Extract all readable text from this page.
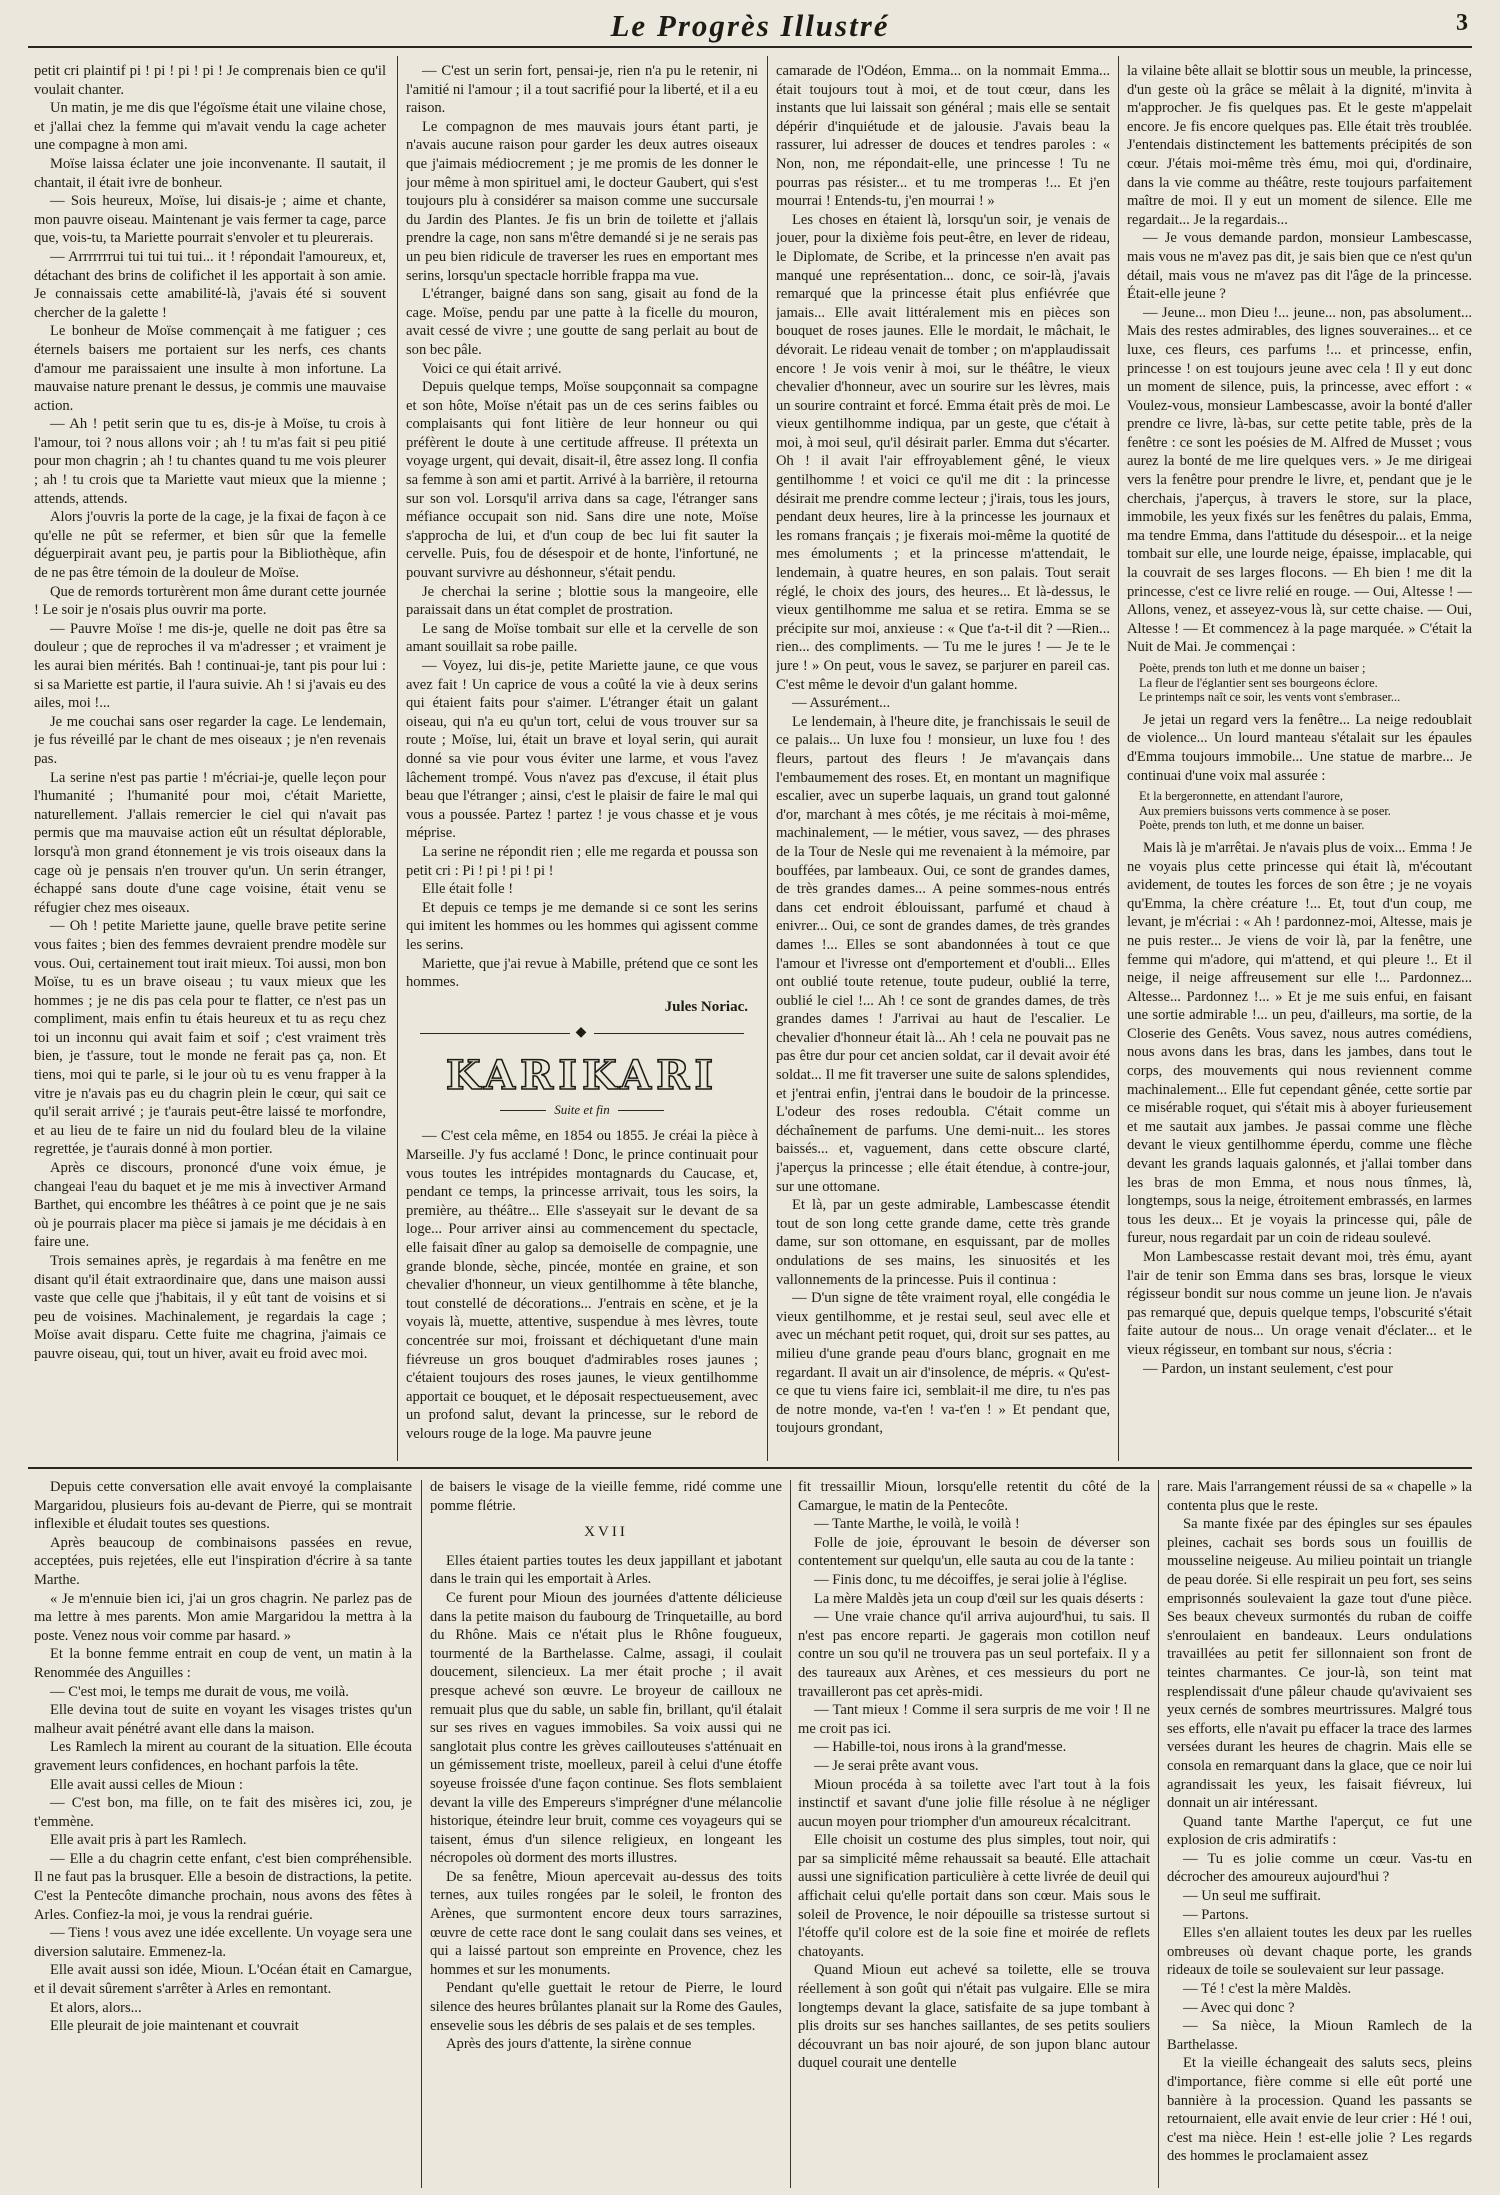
Le Progrès Illustré	3

petit cri plaintif pi ! pi ! pi ! pi ! Je comprenais bien ce qu'il voulait chanter.

Un matin, je me dis que l'égoïsme était une vilaine chose, et j'allai chez la femme qui m'avait vendu la cage acheter une compagne à mon ami.

Moïse laissa éclater une joie inconvenante. Il sautait, il chantait, il était ivre de bonheur.

— Sois heureux, Moïse, lui disais-je ; aime et chante, mon pauvre oiseau. Maintenant je vais fermer ta cage, parce que, vois-tu, ta Mariette pourrait s'envoler et tu pleurerais.

— Arrrrrrrui tui tui tui tui... it ! répondait l'amoureux, et, détachant des brins de colifichet il les apportait à son amie. Je connaissais cette amabilité-là, j'avais été si souvent chercher de la galette !

Le bonheur de Moïse commençait à me fatiguer ; ces éternels baisers me portaient sur les nerfs, ces chants d'amour me paraissaient une insulte à mon infortune. La mauvaise nature prenant le dessus, je commis une mauvaise action.

— Ah ! petit serin que tu es, dis-je à Moïse, tu crois à l'amour, toi ? nous allons voir ; ah ! tu m'as fait si peu pitié pour mon chagrin ; ah ! tu chantes quand tu me vois pleurer ; ah ! tu crois que ta Mariette vaut mieux que la mienne ; attends, attends.

Alors j'ouvris la porte de la cage, je la fixai de façon à ce qu'elle ne pût se refermer, et bien sûr que la femelle déguerpirait avant peu, je partis pour la Bibliothèque, afin de ne pas être témoin de la douleur de Moïse.

Que de remords torturèrent mon âme durant cette journée ! Le soir je n'osais plus ouvrir ma porte.

— Pauvre Moïse ! me dis-je, quelle ne doit pas être sa douleur ; que de reproches il va m'adresser ; et vraiment je les aurai bien mérités. Bah ! continuai-je, tant pis pour lui : si sa Mariette est partie, il l'aura suivie. Ah ! si j'avais eu des ailes, moi !...

Je me couchai sans oser regarder la cage. Le lendemain, je fus réveillé par le chant de mes oiseaux ; je n'en revenais pas.

La serine n'est pas partie ! m'écriai-je, quelle leçon pour l'humanité ; l'humanité pour moi, c'était Mariette, naturellement. J'allais remercier le ciel qui n'avait pas permis que ma mauvaise action eût un résultat déplorable, lorsqu'à mon grand étonnement je vis trois oiseaux dans la cage où je pensais n'en trouver qu'un. Un serin étranger, échappé sans doute d'une cage voisine, était venu se réfugier chez mes oiseaux.

— Oh ! petite Mariette jaune, quelle brave petite serine vous faites ; bien des femmes devraient prendre modèle sur vous. Oui, certainement tout irait mieux. Toi aussi, mon bon Moïse, tu es un brave oiseau ; tu vaux mieux que les hommes ; je ne dis pas cela pour te flatter, ce n'est pas un compliment, mais enfin tu étais heureux et tu as reçu chez toi un inconnu qui avait faim et soif ; c'est vraiment très bien, je t'assure, tout le monde ne ferait pas ça, non. Et tiens, moi qui te parle, si le jour où tu es venu frapper à la vitre je n'avais pas eu du chagrin plein le cœur, qui sait ce qu'il serait arrivé ; je t'aurais peut-être laissé te morfondre, et au lieu de te faire un nid du foulard bleu de la vilaine regrettée, je t'aurais donné à mon portier.

Après ce discours, prononcé d'une voix émue, je changeai l'eau du baquet et je me mis à invectiver Armand Barthet, qui encombre les théâtres à ce point que je ne sais où je pourrais placer ma pièce si jamais je me décidais à en faire une.

Trois semaines après, je regardais à ma fenêtre en me disant qu'il était extraordinaire que, dans une maison aussi vaste que celle que j'habitais, il y eût tant de voisins et si peu de voisines. Machinalement, je regardais la cage ; Moïse avait disparu. Cette fuite me chagrina, j'aimais ce pauvre oiseau, qui, tout un hiver, avait eu froid avec moi.

— C'est un serin fort, pensai-je, rien n'a pu le retenir, ni l'amitié ni l'amour ; il a tout sacrifié pour la liberté, et il a eu raison.

Le compagnon de mes mauvais jours étant parti, je n'avais aucune raison pour garder les deux autres oiseaux que j'aimais médiocrement ; je me promis de les donner le jour même à mon spirituel ami, le docteur Gaubert, qui s'est toujours plu à considérer sa maison comme une succursale du Jardin des Plantes. Je fis un brin de toilette et j'allais prendre la cage, non sans m'être demandé si je ne serais pas un peu bien ridicule de traverser les rues en emportant mes serins, lorsqu'un spectacle horrible frappa ma vue.

L'étranger, baigné dans son sang, gisait au fond de la cage. Moïse, pendu par une patte à la ficelle du mouron, avait cessé de vivre ; une goutte de sang perlait au bout de son bec pâle.

Voici ce qui était arrivé.

Depuis quelque temps, Moïse soupçonnait sa compagne et son hôte, Moïse n'était pas un de ces serins faibles ou complaisants qui font litière de leur honneur ou qui préfèrent le doute à une certitude affreuse. Il prétexta un voyage urgent, qui devait, disait-il, être assez long. Il confia sa femme à son ami et partit. Arrivé à la barrière, il retourna sur son vol. Lorsqu'il arriva dans sa cage, l'étranger sans méfiance occupait son nid. Sans dire une note, Moïse s'approcha de lui, et d'un coup de bec lui fit sauter la cervelle. Puis, fou de désespoir et de honte, l'infortuné, ne pouvant survivre au déshonneur, s'était pendu.

Je cherchai la serine ; blottie sous la mangeoire, elle paraissait dans un état complet de prostration.

Le sang de Moïse tombait sur elle et la cervelle de son amant souillait sa robe paille.

— Voyez, lui dis-je, petite Mariette jaune, ce que vous avez fait ! Un caprice de vous a coûté la vie à deux serins qui étaient faits pour s'aimer. L'étranger était un galant oiseau, qui n'a eu qu'un tort, celui de vous trouver sur sa route ; Moïse, lui, était un brave et loyal serin, qui aurait donné sa vie pour vous éviter une larme, et vous l'avez lâchement trompé. Vous n'avez pas d'excuse, il était plus beau que l'étranger ; ainsi, c'est le plaisir de faire le mal qui vous a poussée. Partez ! partez ! je vous chasse et je vous méprise.

La serine ne répondit rien ; elle me regarda et poussa son petit cri : Pi ! pi ! pi ! pi !

Elle était folle !

Et depuis ce temps je me demande si ce sont les serins qui imitent les hommes ou les hommes qui agissent comme les serins.

Mariette, que j'ai revue à Mabille, prétend que ce sont les hommes.

Jules Noriac.
◆
KARIKARI
Suite et fin

— C'est cela même, en 1854 ou 1855. Je créai la pièce à Marseille. J'y fus acclamé ! Donc, le prince continuait pour vous toutes les intrépides montagnards du Caucase, et, pendant ce temps, la princesse arrivait, tous les soirs, la première, au théâtre... Elle s'asseyait sur le devant de sa loge... Pour arriver ainsi au commencement du spectacle, elle faisait dîner au galop sa demoiselle de compagnie, une grande blonde, sèche, pincée, montée en graine, et son chevalier d'honneur, un vieux gentilhomme à tête blanche, tout constellé de décorations... J'entrais en scène, et je la voyais là, muette, attentive, suspendue à mes lèvres, toute concentrée sur moi, froissant et déchiquetant d'une main fiévreuse un gros bouquet d'admirables roses jaunes ; c'étaient toujours des roses jaunes, le vieux gentilhomme apportait ce bouquet, et le déposait respectueusement, avec un profond salut, devant la princesse, sur le rebord de velours rouge de la loge. Ma pauvre jeune

camarade de l'Odéon, Emma... on la nommait Emma... était toujours tout à moi, et de tout cœur, dans les instants que lui laissait son général ; mais elle se sentait dépérir d'inquiétude et de jalousie. J'avais beau la rassurer, lui adresser de douces et tendres paroles : « Non, non, me répondait-elle, une princesse ! Tu ne pourras pas résister... et tu me tromperas !... Et j'en mourrai ! Entends-tu, j'en mourrai ! »

Les choses en étaient là, lorsqu'un soir, je venais de jouer, pour la dixième fois peut-être, en lever de rideau, le Diplomate, de Scribe, et la princesse n'en avait pas manqué une représentation... donc, ce soir-là, j'avais remarqué que la princesse était plus enfiévrée que jamais... Elle avait littéralement mis en pièces son bouquet de roses jaunes. Elle le mordait, le mâchait, le dévorait. Le rideau venait de tomber ; on m'applaudissait encore ! Je vois venir à moi, sur le théâtre, le vieux chevalier d'honneur, avec un sourire sur les lèvres, mais un sourire contraint et forcé. Emma était près de moi. Le vieux gentilhomme indiqua, par un geste, que c'était à moi, à moi seul, qu'il désirait parler. Emma dut s'écarter. Oh ! il avait l'air effroyablement gêné, le vieux gentilhomme ! et voici ce qu'il me dit : la princesse désirait me prendre comme lecteur ; j'irais, tous les jours, pendant deux heures, lire à la princesse les journaux et les romans français ; je fixerais moi-même la quotité de mes émoluments ; et la princesse m'attendait, le lendemain, à quatre heures, en son palais. Tout serait réglé, le choix des jours, des heures... Et là-dessus, le vieux gentilhomme me salua et se retira. Emma se se précipite sur moi, anxieuse : « Que t'a-t-il dit ? —Rien... rien... des compliments. — Tu me le jures ! — Je te le jure ! » On peut, vous le savez, se parjurer en pareil cas. C'est même le devoir d'un galant homme.

— Assurément...

Le lendemain, à l'heure dite, je franchissais le seuil de ce palais... Un luxe fou ! monsieur, un luxe fou ! des fleurs, partout des fleurs ! Je m'avançais dans l'embaumement des roses. Et, en montant un magnifique escalier, avec un superbe laquais, un grand tout galonné d'or, marchant à mes côtés, je me récitais à moi-même, machinalement, — le métier, vous savez, — des phrases de la Tour de Nesle qui me revenaient à la mémoire, par bouffées, par lambeaux. Oui, ce sont de grandes dames, de très grandes dames... A peine sommes-nous entrés dans cet endroit éblouissant, parfumé et chaud à enivrer... Oui, ce sont de grandes dames, de très grandes dames !... Elles se sont abandonnées à tout ce que l'amour et l'ivresse ont d'emportement et d'oubli... Elles ont oublié toute retenue, toute pudeur, oublié la terre, oublié le ciel !... Ah ! ce sont de grandes dames, de très grandes dames ! J'arrivai au haut de l'escalier. Le chevalier d'honneur était là... Ah ! cela ne pouvait pas ne pas être dur pour cet ancien soldat, car il devait avoir été soldat... Il me fit traverser une suite de salons splendides, et j'entrai enfin, j'entrai dans le boudoir de la princesse. L'odeur des roses redoubla. C'était comme un déchaînement de parfums. Une demi-nuit... les stores baissés... et, vaguement, dans cette obscure clarté, j'aperçus la princesse ; elle était étendue, à contre-jour, sur une ottomane.

Et là, par un geste admirable, Lambescasse étendit tout de son long cette grande dame, cette très grande dame, sur son ottomane, en esquissant, par de molles ondulations de ses mains, les sinuosités et les vallonnements de la princesse. Puis il continua :

— D'un signe de tête vraiment royal, elle congédia le vieux gentilhomme, et je restai seul, seul avec elle et avec un méchant petit roquet, qui, droit sur ses pattes, au milieu d'une grande peau d'ours blanc, grognait en me regardant. Il avait un air d'insolence, de mépris. « Qu'est-ce que tu viens faire ici, semblait-il me dire, tu n'es pas de notre monde, va-t'en ! va-t'en ! » Et pendant que, toujours grondant,

la vilaine bête allait se blottir sous un meuble, la princesse, d'un geste où la grâce se mêlait à la dignité, m'invita à m'approcher. Je fis quelques pas. Et le geste m'appelait encore. Je fis encore quelques pas. Elle était très troublée. J'entendais distinctement les battements précipités de son cœur. J'étais moi-même très ému, moi qui, d'ordinaire, dans la vie comme au théâtre, reste toujours parfaitement maître de moi. Il y eut un moment de silence. Elle me regardait... Je la regardais...

— Je vous demande pardon, monsieur Lambescasse, mais vous ne m'avez pas dit, je sais bien que ce n'est qu'un détail, mais vous ne m'avez pas dit l'âge de la princesse. Était-elle jeune ?

— Jeune... mon Dieu !... jeune... non, pas absolument... Mais des restes admirables, des lignes souveraines... et ce luxe, ces fleurs, ces parfums !... et princesse, enfin, princesse ! on est toujours jeune avec cela ! Il y eut donc un moment de silence, puis, la princesse, avec effort : « Voulez-vous, monsieur Lambescasse, avoir la bonté d'aller prendre ce livre, là-bas, sur cette petite table, près de la fenêtre : ce sont les poésies de M. Alfred de Musset ; vous aurez la bonté de me lire quelques vers. » Je me dirigeai vers la fenêtre pour prendre le livre, et, pendant que je le cherchais, j'aperçus, à travers le store, sur la place, immobile, les yeux fixés sur les fenêtres du palais, Emma, ma tendre Emma, dans l'attitude du désespoir... et la neige tombait sur elle, une lourde neige, épaisse, implacable, qui la couvrait de ses larges flocons. — Eh bien ! me dit la princesse, c'est ce livre relié en rouge. — Oui, Altesse ! — Allons, venez, et asseyez-vous là, sur cette chaise. — Oui, Altesse ! — Et commencez à la page marquée. » C'était la Nuit de Mai. Je commençai :

Poète, prends ton luth et me donne un baiser ;
La fleur de l'églantier sent ses bourgeons éclore.
Le printemps naît ce soir, les vents vont s'embraser...

Je jetai un regard vers la fenêtre... La neige redoublait de violence... Un lourd manteau s'étalait sur les épaules d'Emma toujours immobile... Une statue de marbre... Je continuai d'une voix mal assurée :

Et la bergeronnette, en attendant l'aurore,
Aux premiers buissons verts commence à se poser.
Poète, prends ton luth, et me donne un baiser.

Mais là je m'arrêtai. Je n'avais plus de voix... Emma ! Je ne voyais plus cette princesse qui était là, m'écoutant avidement, de toutes les forces de son être ; je ne voyais qu'Emma, la chère créature !... Et, tout d'un coup, me levant, je m'écriai : « Ah ! pardonnez-moi, Altesse, mais je ne puis rester... Je viens de voir là, par la fenêtre, une femme qui m'adore, qui m'attend, et qui pleure !.. Et il neige, il neige affreusement sur elle !... Pardonnez... Altesse... Pardonnez !... » Et je me suis enfui, en faisant une sortie admirable !... un peu, d'ailleurs, ma sortie, de la Closerie des Genêts. Vous savez, nous autres comédiens, nous avons dans les bras, dans les jambes, dans tout le corps, des mouvements qui nous reviennent comme machinalement... Elle fut cependant gênée, cette sortie par ce misérable roquet, qui s'était mis à aboyer furieusement et me sautait aux jambes. Je passai comme une flèche devant le vieux gentilhomme éperdu, comme une flèche devant les grands laquais galonnés, et j'allai tomber dans les bras de mon Emma, et nous nous tînmes, là, longtemps, sous la neige, étroitement embrassés, en larmes tous les deux... Et je voyais la princesse qui, pâle de fureur, nous regardait par un coin de rideau soulevé.

Mon Lambescasse restait devant moi, très ému, ayant l'air de tenir son Emma dans ses bras, lorsque le vieux régisseur bondit sur nous comme un jeune lion. Je n'avais pas remarqué que, depuis quelque temps, l'obscurité s'était faite autour de nous... Un orage venait d'éclater... et le vieux régisseur, en tombant sur nous, s'écria :

— Pardon, un instant seulement, c'est pour

Depuis cette conversation elle avait envoyé la complaisante Margaridou, plusieurs fois au-devant de Pierre, qui se montrait inflexible et éludait toutes ses questions.

Après beaucoup de combinaisons passées en revue, acceptées, puis rejetées, elle eut l'inspiration d'écrire à sa tante Marthe.

« Je m'ennuie bien ici, j'ai un gros chagrin. Ne parlez pas de ma lettre à mes parents. Mon amie Margaridou la mettra à la poste. Venez nous voir comme par hasard. »

Et la bonne femme entrait en coup de vent, un matin à la Renommée des Anguilles :

— C'est moi, le temps me durait de vous, me voilà.

Elle devina tout de suite en voyant les visages tristes qu'un malheur avait pénétré avant elle dans la maison.

Les Ramlech la mirent au courant de la situation. Elle écouta gravement leurs confidences, en hochant parfois la tête.

Elle avait aussi celles de Mioun :

— C'est bon, ma fille, on te fait des misères ici, zou, je t'emmène.

Elle avait pris à part les Ramlech.

— Elle a du chagrin cette enfant, c'est bien compréhensible. Il ne faut pas la brusquer. Elle a besoin de distractions, la petite. C'est la Pentecôte dimanche prochain, nous avons des fêtes à Arles. Confiez-la moi, je vous la rendrai guérie.

— Tiens ! vous avez une idée excellente. Un voyage sera une diversion salutaire. Emmenez-la.

Elle avait aussi son idée, Mioun. L'Océan était en Camargue, et il devait sûrement s'arrêter à Arles en remontant.

Et alors, alors...

Elle pleurait de joie maintenant et couvrait

de baisers le visage de la vieille femme, ridé comme une pomme flétrie.

XVII

Elles étaient parties toutes les deux jappillant et jabotant dans le train qui les emportait à Arles.

Ce furent pour Mioun des journées d'attente délicieuse dans la petite maison du faubourg de Trinquetaille, au bord du Rhône. Mais ce n'était plus le Rhône fougueux, tourmenté de la Barthelasse. Calme, assagi, il coulait doucement, silencieux. La mer était proche ; il avait presque achevé son œuvre. Le broyeur de cailloux ne remuait plus que du sable, un sable fin, brillant, qu'il étalait sur ses rives en vagues immobiles. Sa voix aussi qui ne sanglotait plus contre les grèves caillouteuses s'atténuait en un gémissement triste, moelleux, pareil à celui d'une étoffe soyeuse froissée d'une façon continue. Ses flots semblaient devant la ville des Empereurs s'imprégner d'une mélancolie historique, éteindre leur bruit, comme ces voyageurs qui se taisent, émus d'un silence religieux, en longeant les nécropoles où dorment des morts illustres.

De sa fenêtre, Mioun apercevait au-dessus des toits ternes, aux tuiles rongées par le soleil, le fronton des Arènes, que surmontent encore deux tours sarrazines, œuvre de cette race dont le sang coulait dans ses veines, et qui a laissé partout son empreinte en Provence, chez les hommes et sur les monuments.

Pendant qu'elle guettait le retour de Pierre, le lourd silence des heures brûlantes planait sur la Rome des Gaules, ensevelie sous les débris de ses palais et de ses temples.

Après des jours d'attente, la sirène connue

fit tressaillir Mioun, lorsqu'elle retentit du côté de la Camargue, le matin de la Pentecôte.

— Tante Marthe, le voilà, le voilà !

Folle de joie, éprouvant le besoin de déverser son contentement sur quelqu'un, elle sauta au cou de la tante :

— Finis donc, tu me décoiffes, je serai jolie à l'église.

La mère Maldès jeta un coup d'œil sur les quais déserts :

— Une vraie chance qu'il arriva aujourd'hui, tu sais. Il n'est pas encore reparti. Je gagerais mon cotillon neuf contre un sou qu'il ne trouvera pas un seul portefaix. Il y a des taureaux aux Arènes, et ces messieurs du port ne travailleront pas cet après-midi.

— Tant mieux ! Comme il sera surpris de me voir ! Il ne me croit pas ici.

— Habille-toi, nous irons à la grand'messe.

— Je serai prête avant vous.

Mioun procéda à sa toilette avec l'art tout à la fois instinctif et savant d'une jolie fille résolue à ne négliger aucun moyen pour triompher d'un amoureux récalcitrant.

Elle choisit un costume des plus simples, tout noir, qui par sa simplicité même rehaussait sa beauté. Elle attachait aussi une signification particulière à cette livrée de deuil qui affichait celui qu'elle portait dans son cœur. Mais sous le soleil de Provence, le noir dépouille sa tristesse surtout si l'étoffe qu'il colore est de la soie fine et moirée de reflets chatoyants.

Quand Mioun eut achevé sa toilette, elle se trouva réellement à son goût qui n'était pas vulgaire. Elle se mira longtemps devant la glace, satisfaite de sa jupe tombant à plis droits sur ses hanches saillantes, de ses petits souliers découvrant un bas noir ajouré, de son jupon blanc autour duquel courait une dentelle

rare. Mais l'arrangement réussi de sa « chapelle » la contenta plus que le reste.

Sa mante fixée par des épingles sur ses épaules pleines, cachait ses bords sous un fouillis de mousseline neigeuse. Au milieu pointait un triangle de peau dorée. Si elle respirait un peu fort, ses seins emprisonnés soulevaient la gaze tout d'une pièce. Ses beaux cheveux surmontés du ruban de coiffe s'enroulaient en bandeaux. Leurs ondulations travaillées au petit fer sillonnaient son front de teintes charmantes. Ce jour-là, son teint mat resplendissait d'une pâleur chaude qu'avivaient ses yeux cernés de sombres meurtrissures. Malgré tous ses efforts, elle n'avait pu effacer la trace des larmes versées durant les heures de chagrin. Mais elle se consola en remarquant dans la glace, que ce noir lui agrandissait les yeux, les faisait fiévreux, lui donnait un air intéressant.

Quand tante Marthe l'aperçut, ce fut une explosion de cris admiratifs :

— Tu es jolie comme un cœur. Vas-tu en décrocher des amoureux aujourd'hui ?

— Un seul me suffirait.

— Partons.

Elles s'en allaient toutes les deux par les ruelles ombreuses où devant chaque porte, les grands rideaux de toile se soulevaient sur leur passage.

— Té ! c'est la mère Maldès.

— Avec qui donc ?

— Sa nièce, la Mioun Ramlech de la Barthelasse.

Et la vieille échangeait des saluts secs, pleins d'importance, fière comme si elle eût porté une bannière à la procession. Quand les passants se retournaient, elle avait envie de leur crier : Hé ! oui, c'est ma nièce. Hein ! est-elle jolie ? Les regards des hommes le proclamaient assez
